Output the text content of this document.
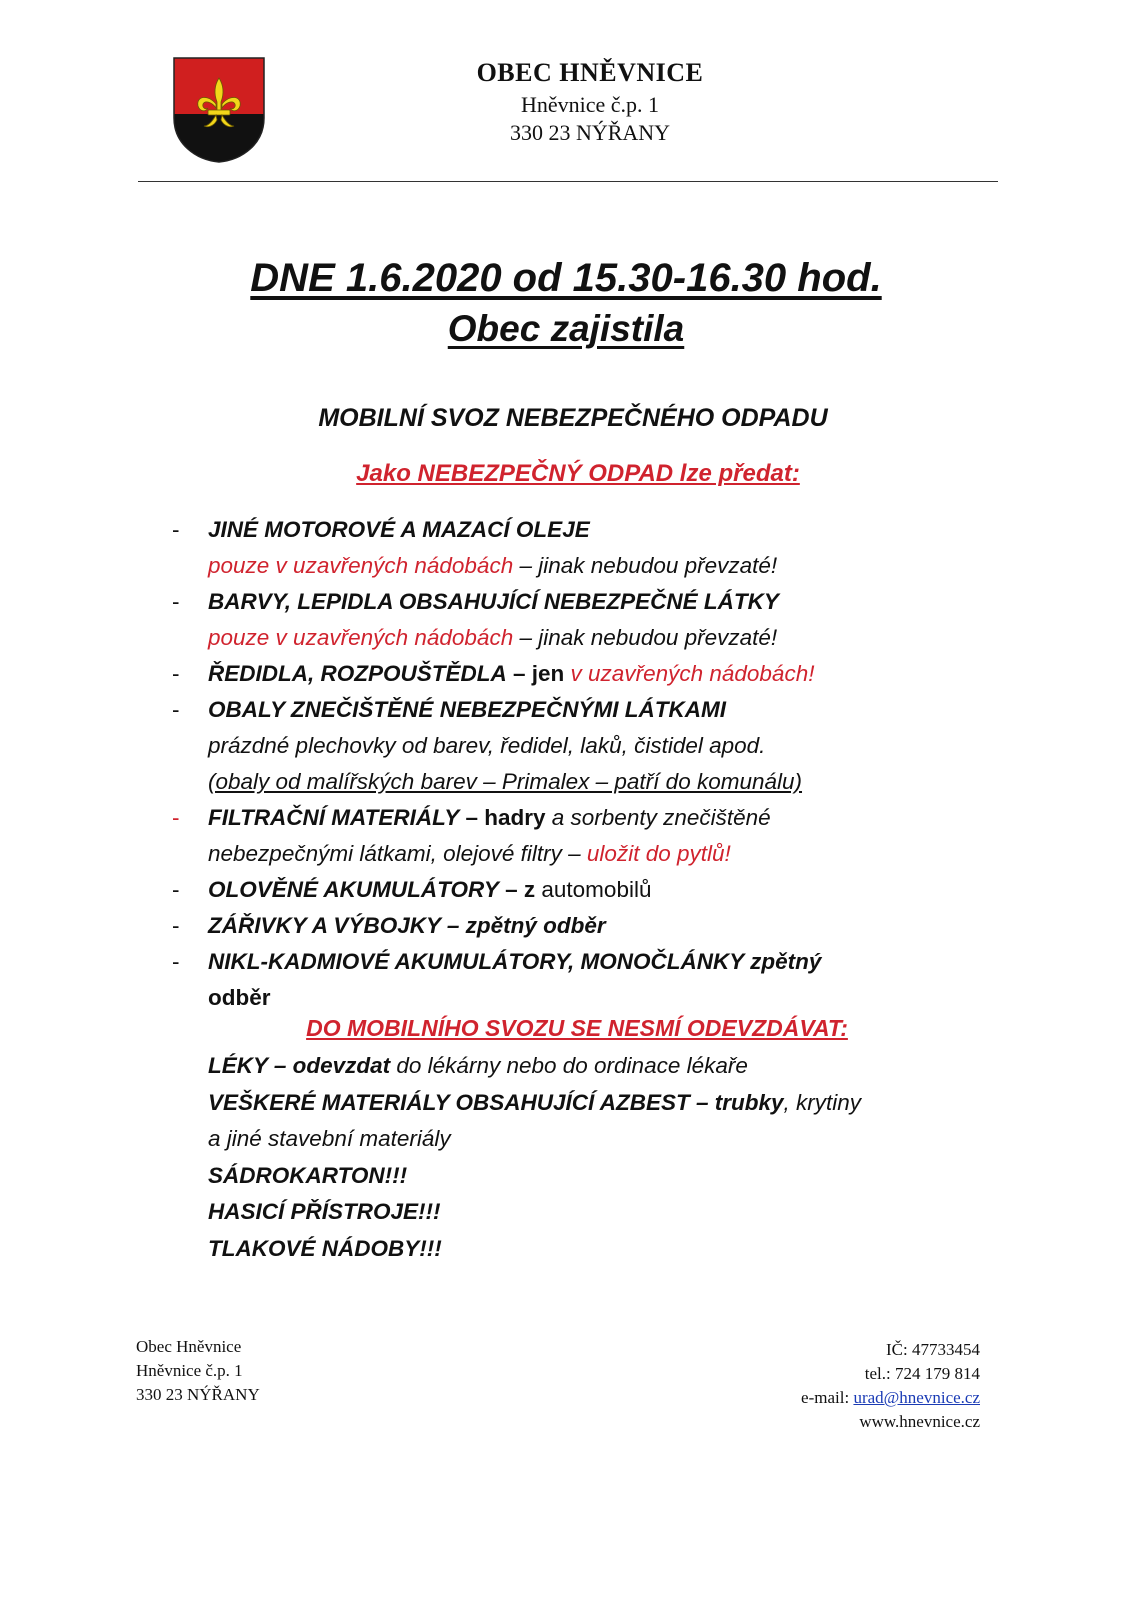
OBEC HNĚVNICE
Hněvnice č.p. 1
330 23 NÝŘANY
DNE 1.6.2020 od 15.30-16.30 hod.
Obec zajistila
MOBILNÍ SVOZ NEBEZPEČNÉHO ODPADU
Jako NEBEZPEČNÝ ODPAD lze předat:
-	JINÉ MOTOROVÉ A MAZACÍ OLEJE
pouze v uzavřených nádobách – jinak nebudou převzaté!
-	BARVY, LEPIDLA OBSAHUJÍCÍ NEBEZPEČNÉ LÁTKY
pouze v uzavřených nádobách – jinak nebudou převzaté!
-	ŘEDIDLA, ROZPOUŠTĚDLA – jen v uzavřených nádobách!
-	OBALY ZNEČIŠTĚNÉ NEBEZPEČNÝMI LÁTKAMI
prázdné plechovky od barev, ředidel, laků, čistidel apod.
(obaly od malířských barev – Primalex – patří do komunálu)
-	FILTRAČNÍ MATERIÁLY – hadry a sorbenty znečištěné
nebezpečnými látkami, olejové filtry – uložit do pytlů!
-	OLOVĚNÉ AKUMULÁTORY – z automobilů
-	ZÁŘIVKY A VÝBOJKY – zpětný odběr
-	NIKL-KADMIOVÉ AKUMULÁTORY, MONOČLÁNKY zpětný
odběr
DO MOBILNÍHO SVOZU SE NESMÍ ODEVZDÁVAT:
LÉKY – odevzdat do lékárny nebo do ordinace lékaře
VEŠKERÉ MATERIÁLY OBSAHUJÍCÍ AZBEST – trubky, krytiny
a jiné stavební materiály
SÁDROKARTON!!!
HASICÍ PŘÍSTROJE!!!
TLAKOVÉ NÁDOBY!!!
Obec Hněvnice
Hněvnice č.p. 1
330 23 NÝŘANY
IČ: 47733454
tel.: 724 179 814
e-mail: urad@hnevnice.cz
www.hnevnice.cz
